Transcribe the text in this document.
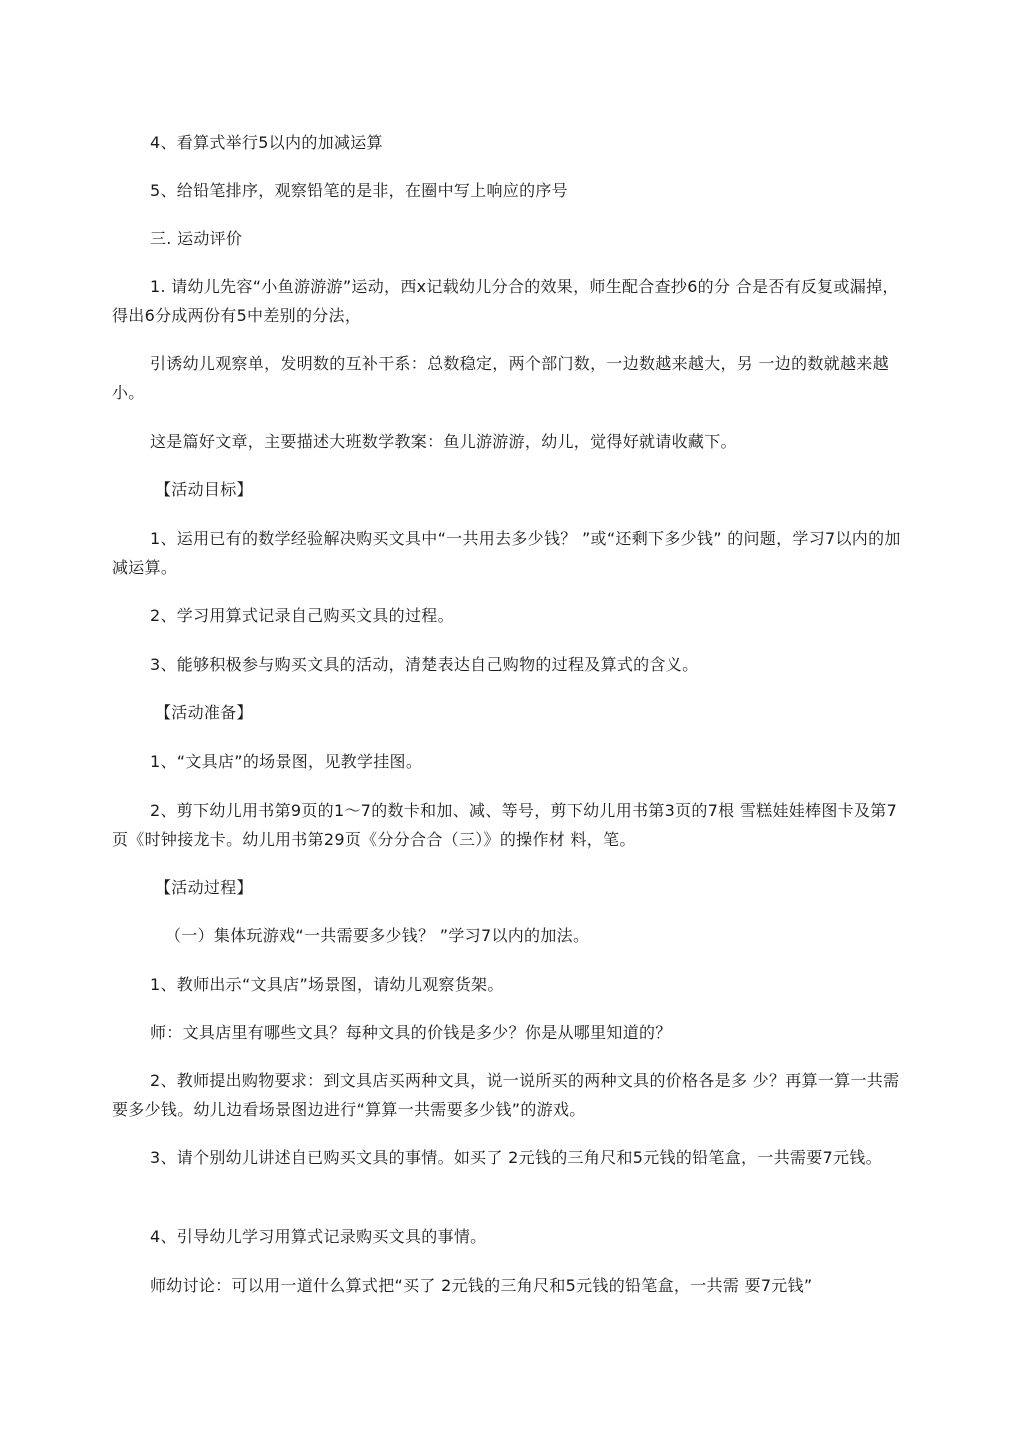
4、看算式举行5以内的加减运算

5、给铅笔排序，观察铅笔的是非，在圈中写上响应的序号

三. 运动评价

1. 请幼儿先容“小鱼游游游”运动，西x记载幼儿分合的效果，师生配合查抄6的分 合是否有反复或漏掉，得出6分成两份有5中差别的分法，

引诱幼儿观察单，发明数的互补干系：总数稳定，两个部门数，一边数越来越大，另 一边的数就越来越小。

这是篇好文章，主要描述大班数学教案：鱼儿游游游，幼儿，觉得好就请收藏下。

【活动目标】

1、运用已有的数学经验解决购买文具中“一共用去多少钱？ ”或“还剩下多少钱” 的问题，学习7以内的加减运算。

2、学习用算式记录自己购买文具的过程。

3、能够积极参与购买文具的活动，清楚表达自己购物的过程及算式的含义。

【活动准备】

1、“文具店”的场景图，见教学挂图。

2、剪下幼儿用书第9页的1～7的数卡和加、减、等号，剪下幼儿用书第3页的7根 雪糕娃娃棒图卡及第7页《时钟接龙卡。幼儿用书第29页《分分合合（三）》的操作材 料，笔。

【活动过程】

（一）集体玩游戏“一共需要多少钱？ ”学习7以内的加法。

1、教师出示“文具店”场景图，请幼儿观察货架。

师：文具店里有哪些文具？每种文具的价钱是多少？你是从哪里知道的？

2、教师提出购物要求：到文具店买两种文具，说一说所买的两种文具的价格各是多 少？再算一算一共需要多少钱。幼儿边看场景图边进行“算算一共需要多少钱”的游戏。

3、请个别幼儿讲述自已购买文具的事情。如买了 2元钱的三角尺和5元钱的铅笔盒，一共需要7元钱。

4、引导幼儿学习用算式记录购买文具的事情。

师幼讨论：可以用一道什么算式把“买了 2元钱的三角尺和5元钱的铅笔盒，一共需 要7元钱”
